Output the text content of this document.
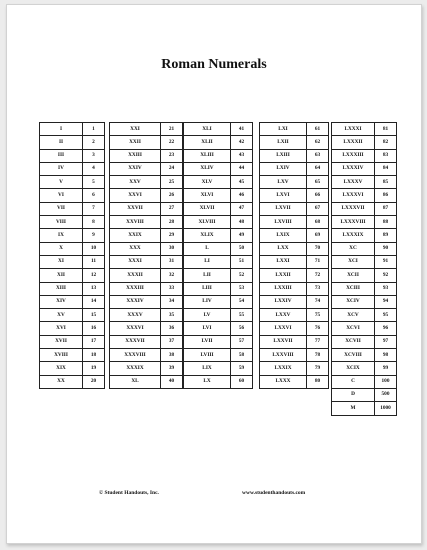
Roman Numerals
I	1
II	2
III	3
IV	4
V	5
VI	6
VII	7
VIII	8
IX	9
X	10
XI	11
XII	12
XIII	13
XIV	14
XV	15
XVI	16
XVII	17
XVIII	18
XIX	19
XX	20
XXI	21
XXII	22
XXIII	23
XXIV	24
XXV	25
XXVI	26
XXVII	27
XXVIII	28
XXIX	29
XXX	30
XXXI	31
XXXII	32
XXXIII	33
XXXIV	34
XXXV	35
XXXVI	36
XXXVII	37
XXXVIII	38
XXXIX	39
XL	40
XLI	41
XLII	42
XLIII	43
XLIV	44
XLV	45
XLVI	46
XLVII	47
XLVIII	48
XLIX	49
L	50
LI	51
LII	52
LIII	53
LIV	54
LV	55
LVI	56
LVII	57
LVIII	58
LIX	59
LX	60
LXI	61
LXII	62
LXIII	63
LXIV	64
LXV	65
LXVI	66
LXVII	67
LXVIII	68
LXIX	69
LXX	70
LXXI	71
LXXII	72
LXXIII	73
LXXIV	74
LXXV	75
LXXVI	76
LXXVII	77
LXXVIII	78
LXXIX	79
LXXX	80
LXXXI	81
LXXXII	82
LXXXIII	83
LXXXIV	84
LXXXV	85
LXXXVI	86
LXXXVII	87
LXXXVIII	88
LXXXIX	89
XC	90
XCI	91
XCII	92
XCIII	93
XCIV	94
XCV	95
XCVI	96
XCVII	97
XCVIII	98
XCIX	99
C	100
D	500
M	1000
© Student Handouts, Inc.	www.studenthandouts.com
